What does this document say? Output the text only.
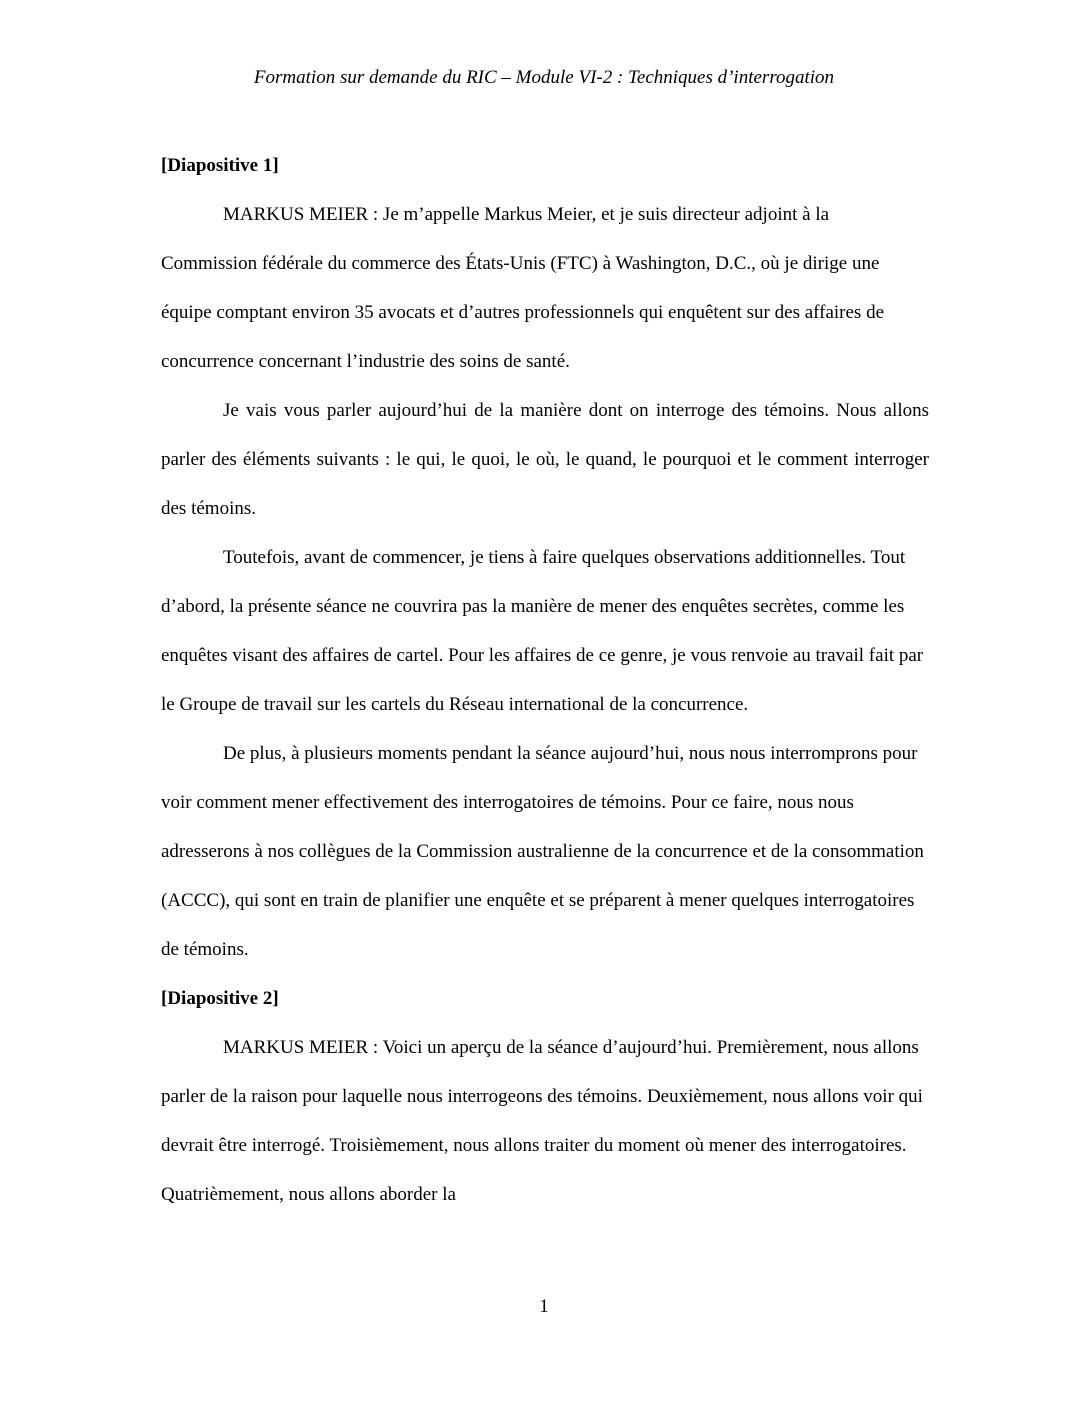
Formation sur demande du RIC – Module VI-2 : Techniques d’interrogation

[Diapositive 1]

MARKUS MEIER : Je m’appelle Markus Meier, et je suis directeur adjoint à la Commission fédérale du commerce des États-Unis (FTC) à Washington, D.C., où je dirige une équipe comptant environ 35 avocats et d’autres professionnels qui enquêtent sur des affaires de concurrence concernant l’industrie des soins de santé.

Je vais vous parler aujourd’hui de la manière dont on interroge des témoins. Nous allons parler des éléments suivants : le qui, le quoi, le où, le quand, le pourquoi et le comment interroger des témoins.

Toutefois, avant de commencer, je tiens à faire quelques observations additionnelles. Tout d’abord, la présente séance ne couvrira pas la manière de mener des enquêtes secrètes, comme les enquêtes visant des affaires de cartel. Pour les affaires de ce genre, je vous renvoie au travail fait par le Groupe de travail sur les cartels du Réseau international de la concurrence.

De plus, à plusieurs moments pendant la séance aujourd’hui, nous nous interromprons pour voir comment mener effectivement des interrogatoires de témoins. Pour ce faire, nous nous adresserons à nos collègues de la Commission australienne de la concurrence et de la consommation (ACCC), qui sont en train de planifier une enquête et se préparent à mener quelques interrogatoires de témoins.

[Diapositive 2]

MARKUS MEIER : Voici un aperçu de la séance d’aujourd’hui. Premièrement, nous allons parler de la raison pour laquelle nous interrogeons des témoins. Deuxièmement, nous allons voir qui devrait être interrogé. Troisièmement, nous allons traiter du moment où mener des interrogatoires. Quatrièmement, nous allons aborder la

1
